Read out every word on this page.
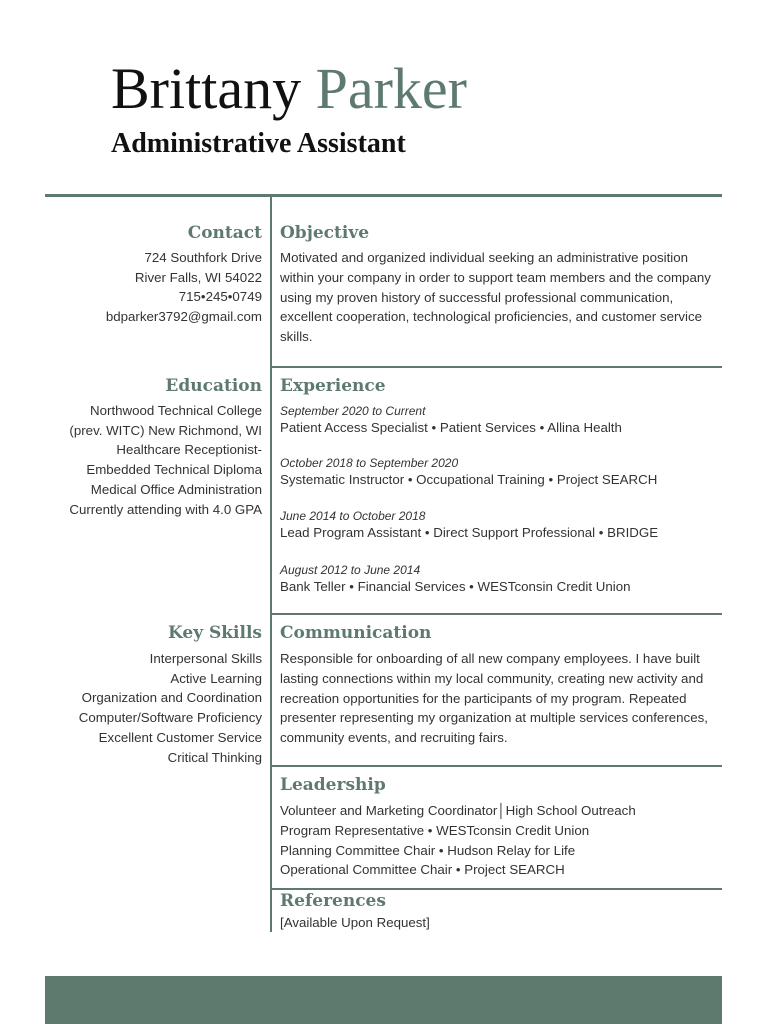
Brittany Parker
Administrative Assistant
Contact
724 Southfork Drive
River Falls, WI 54022
715•245•0749
bdparker3792@gmail.com
Education
Northwood Technical College
(prev. WITC) New Richmond, WI
Healthcare Receptionist-
Embedded Technical Diploma
Medical Office Administration
Currently attending with 4.0 GPA
Key Skills
Interpersonal Skills
Active Learning
Organization and Coordination
Computer/Software Proficiency
Excellent Customer Service
Critical Thinking
Objective

Motivated and organized individual seeking an administrative position within your company in order to support team members and the company using my proven history of successful professional communication, excellent cooperation, technological proficiencies, and customer service skills.

Experience
September 2020 to Current
Patient Access Specialist • Patient Services • Allina Health
October 2018 to September 2020
Systematic Instructor • Occupational Training • Project SEARCH
June 2014 to October 2018
Lead Program Assistant • Direct Support Professional • BRIDGE
August 2012 to June 2014
Bank Teller • Financial Services • WESTconsin Credit Union
Communication

Responsible for onboarding of all new company employees. I have built lasting connections within my local community, creating new activity and recreation opportunities for the participants of my program. Repeated presenter representing my organization at multiple services conferences, community events, and recruiting fairs.

Leadership
Volunteer and Marketing Coordinator│High School Outreach
Program Representative • WESTconsin Credit Union
Planning Committee Chair • Hudson Relay for Life
Operational Committee Chair • Project SEARCH
References

[Available Upon Request]
